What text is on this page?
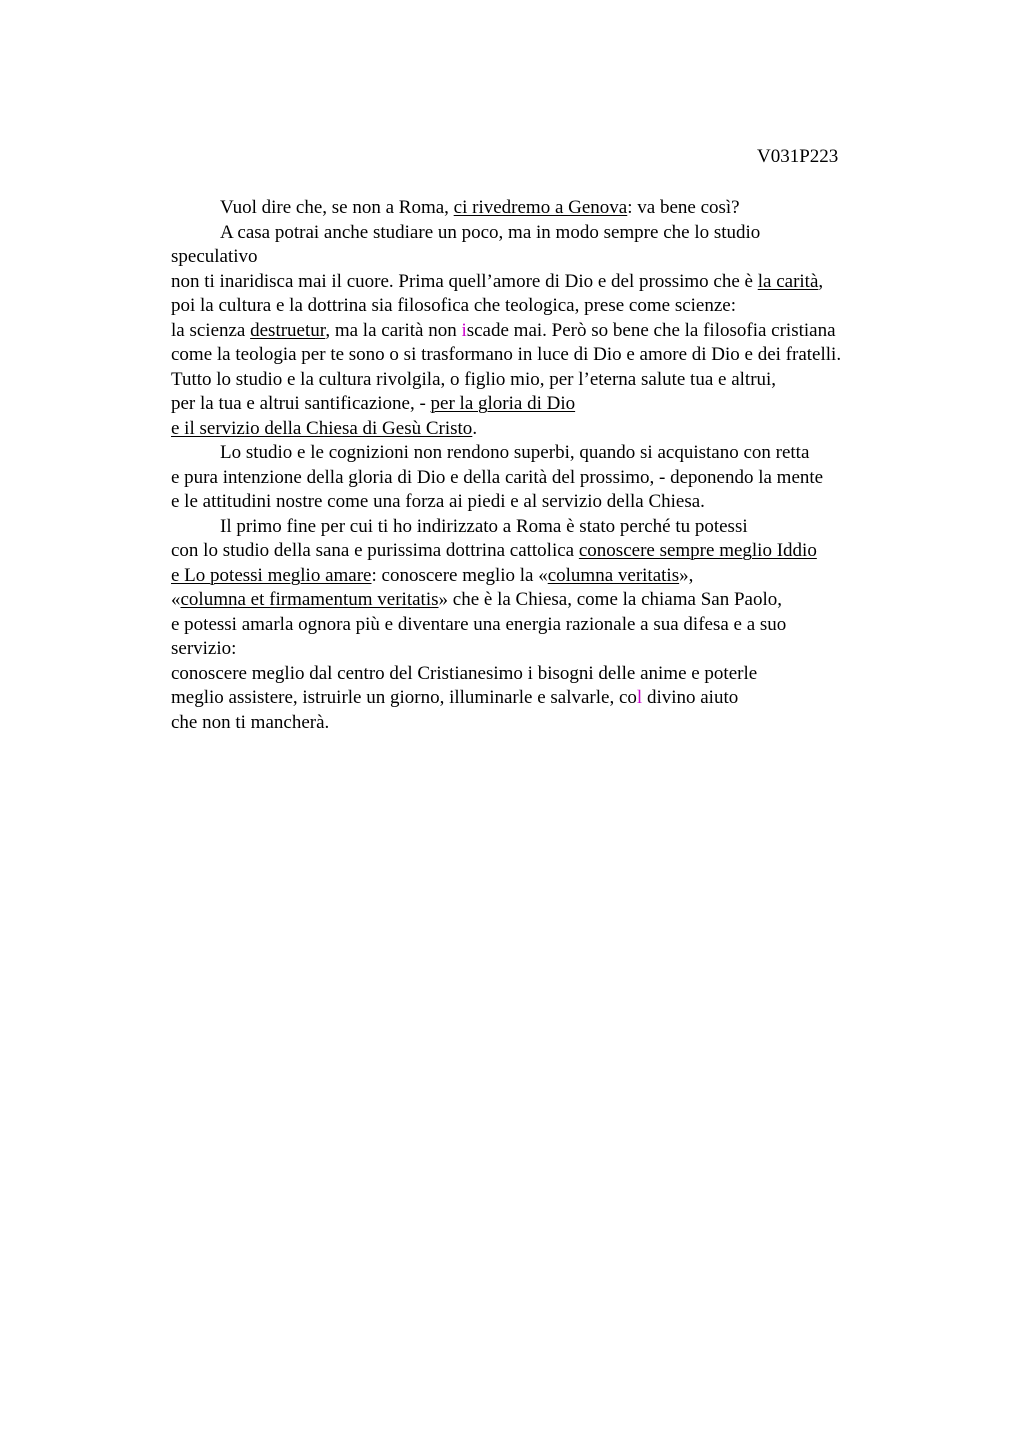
V031P223
Vuol dire che, se non a Roma, ci rivedremo a Genova: va bene così?
A casa potrai anche studiare un poco, ma in modo sempre che lo studio
speculativo
non ti inaridisca mai il cuore. Prima quell’amore di Dio e del prossimo che è la carità,
poi la cultura e la dottrina sia filosofica che teologica, prese come scienze:
la scienza destruetur, ma la carità non iscade mai. Però so bene che la filosofia cristiana
come la teologia per te sono o si trasformano in luce di Dio e amore di Dio e dei fratelli.
Tutto lo studio e la cultura rivolgila, o figlio mio, per l’eterna salute tua e altrui,
per la tua e altrui santificazione, - per la gloria di Dio
e il servizio della Chiesa di Gesù Cristo.
Lo studio e le cognizioni non rendono superbi, quando si acquistano con retta
e pura intenzione della gloria di Dio e della carità del prossimo, - deponendo la mente
e le attitudini nostre come una forza ai piedi e al servizio della Chiesa.
Il primo fine per cui ti ho indirizzato a Roma è stato perché tu potessi
con lo studio della sana e purissima dottrina cattolica conoscere sempre meglio Iddio
e Lo potessi meglio amare: conoscere meglio la «columna veritatis»,
«columna et firmamentum veritatis» che è la Chiesa, come la chiama San Paolo,
e potessi amarla ognora più e diventare una energia razionale a sua difesa e a suo
servizio:
conoscere meglio dal centro del Cristianesimo i bisogni delle anime e poterle
meglio assistere, istruirle un giorno, illuminarle e salvarle, col divino aiuto
che non ti mancherà.
